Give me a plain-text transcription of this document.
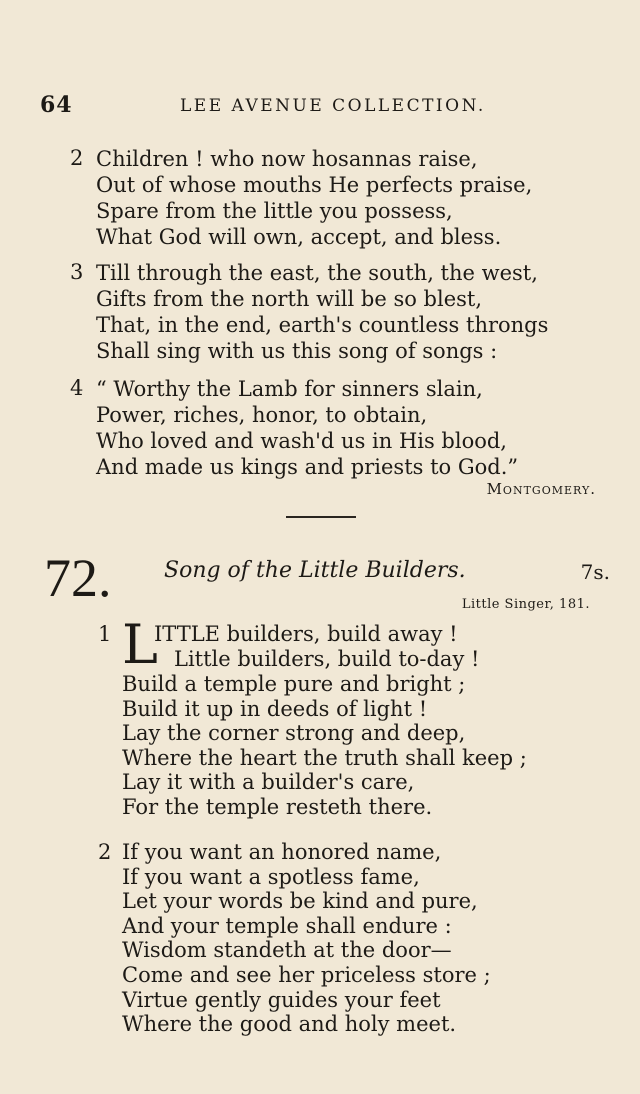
64	LEE AVENUE COLLECTION.
2 Children ! who now hosannas raise,
Out of whose mouths He perfects praise,
Spare from the little you possess,
What God will own, accept, and bless.
3 Till through the east, the south, the west,
Gifts from the north will be so blest,
That, in the end, earth's countless throngs
Shall sing with us this song of songs :
4 “ Worthy the Lamb for sinners slain,
Power, riches, honor, to obtain,
Who loved and wash'd us in His blood,
And made us kings and priests to God.”
Montgomery.
72. Song of the Little Builders.	7s.
Little Singer, 181.
1 L
ITTLE builders, build away !
Little builders, build to-day !
Build a temple pure and bright ;
Build it up in deeds of light !
Lay the corner strong and deep,
Where the heart the truth shall keep ;
Lay it with a builder's care,
For the temple resteth there.
2 If you want an honored name,
If you want a spotless fame,
Let your words be kind and pure,
And your temple shall endure :
Wisdom standeth at the door—
Come and see her priceless store ;
Virtue gently guides your feet
Where the good and holy meet.
